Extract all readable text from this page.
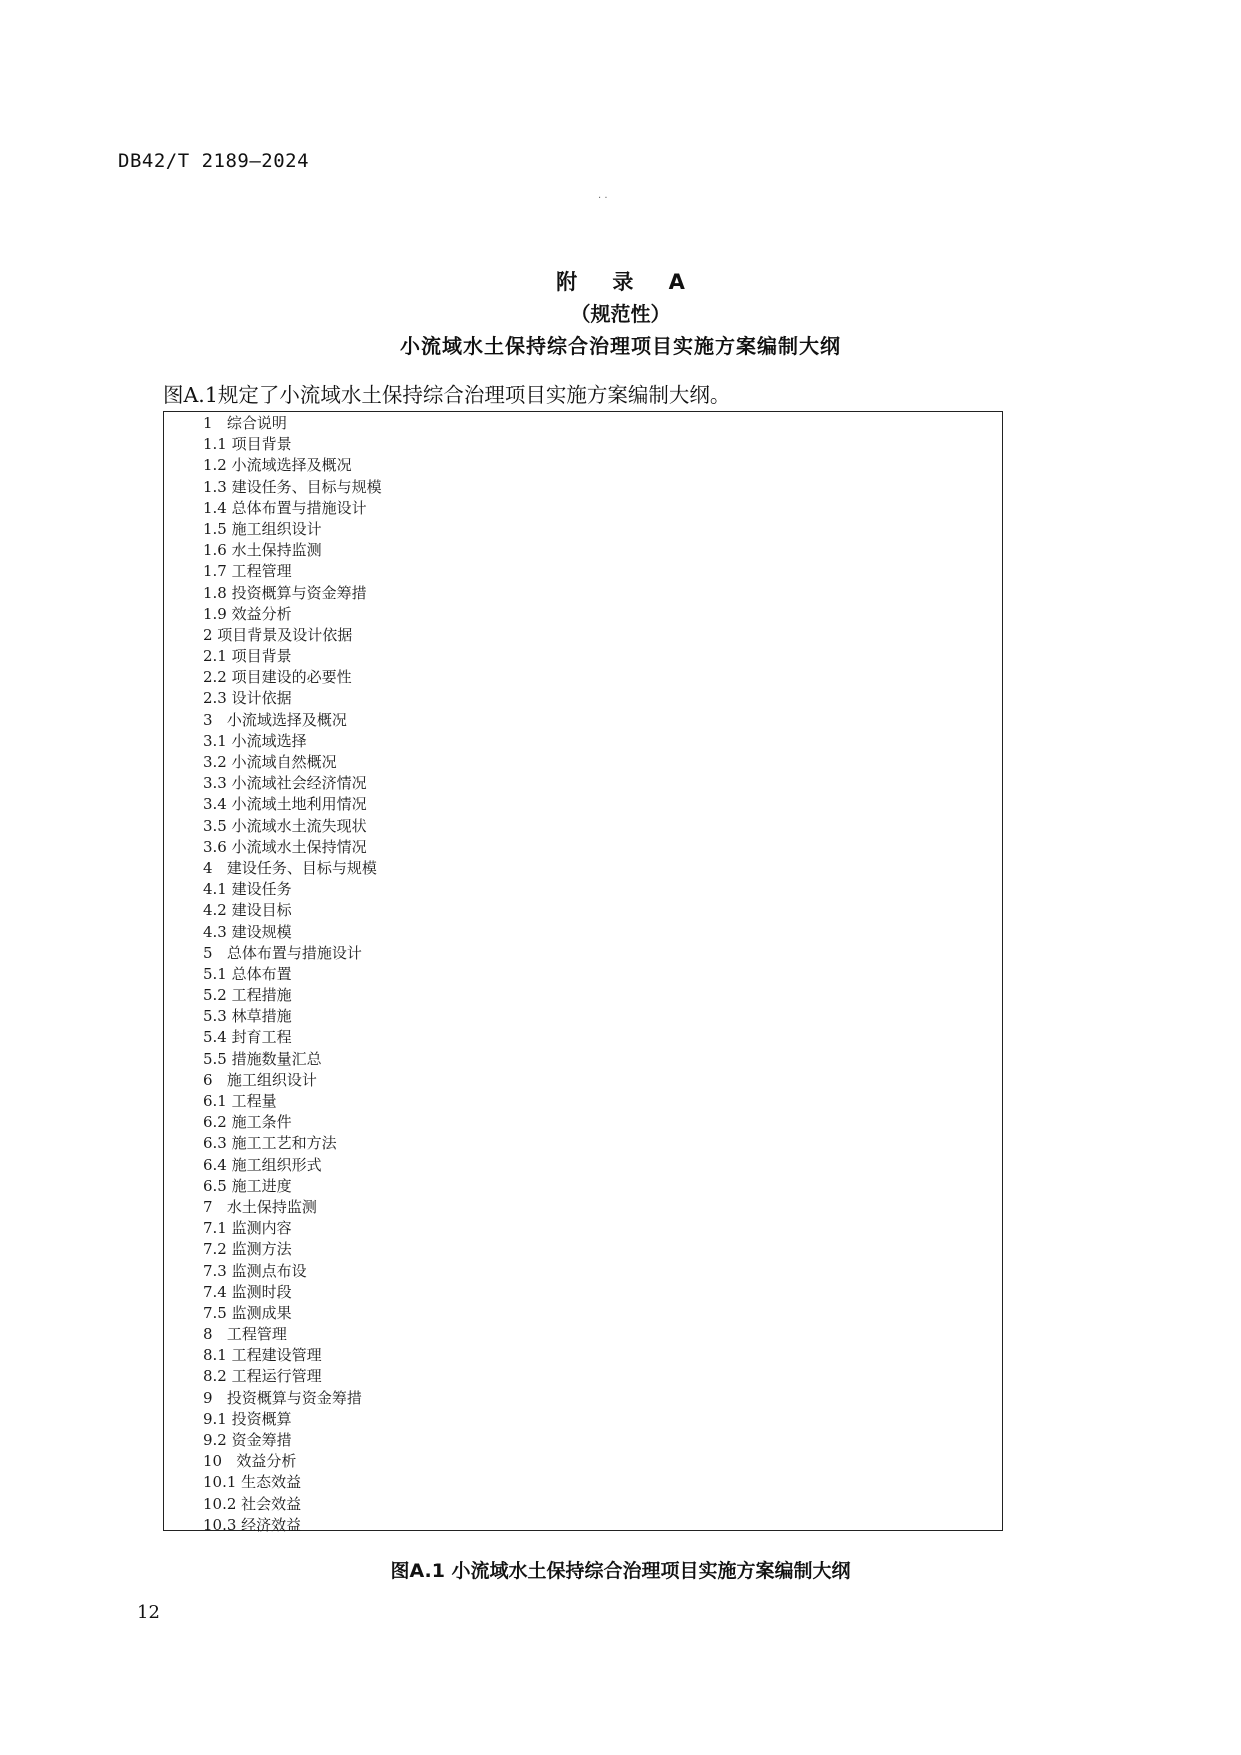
DB42/T 2189—2024
· ·
附 录 A
（规范性）
小流域水土保持综合治理项目实施方案编制大纲
图A.1规定了小流域水土保持综合治理项目实施方案编制大纲。
1   综合说明
1.1 项目背景
1.2 小流域选择及概况
1.3 建设任务、目标与规模
1.4 总体布置与措施设计
1.5 施工组织设计
1.6 水土保持监测
1.7 工程管理
1.8 投资概算与资金筹措
1.9 效益分析
2 项目背景及设计依据
2.1 项目背景
2.2 项目建设的必要性
2.3 设计依据
3   小流域选择及概况
3.1 小流域选择
3.2 小流域自然概况
3.3 小流域社会经济情况
3.4 小流域土地利用情况
3.5 小流域水土流失现状
3.6 小流域水土保持情况
4   建设任务、目标与规模
4.1 建设任务
4.2 建设目标
4.3 建设规模
5   总体布置与措施设计
5.1 总体布置
5.2 工程措施
5.3 林草措施
5.4 封育工程
5.5 措施数量汇总
6   施工组织设计
6.1 工程量
6.2 施工条件
6.3 施工工艺和方法
6.4 施工组织形式
6.5 施工进度
7   水土保持监测
7.1 监测内容
7.2 监测方法
7.3 监测点布设
7.4 监测时段
7.5 监测成果
8   工程管理
8.1 工程建设管理
8.2 工程运行管理
9   投资概算与资金筹措
9.1 投资概算
9.2 资金筹措
10   效益分析
10.1 生态效益
10.2 社会效益
10.3 经济效益
图A.1 小流域水土保持综合治理项目实施方案编制大纲
12
